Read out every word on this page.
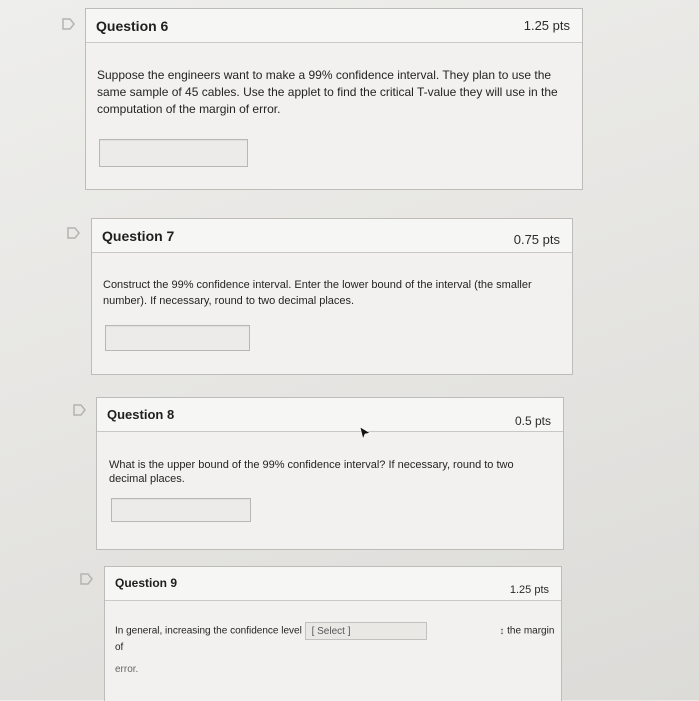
Question 6	1.25 pts
Suppose the engineers want to make a 99% confidence interval. They plan to use the same sample of 45 cables. Use the applet to find the critical T-value they will use in the computation of the margin of error.
Question 7	0.75 pts
Construct the 99% confidence interval. Enter the lower bound of the interval (the smaller number). If necessary, round to two decimal places.
Question 8	0.5 pts
What is the upper bound of the 99% confidence interval? If necessary, round to two decimal places.
Question 9	1.25 pts
In general, increasing the confidence level [ Select ]	↕ the margin of
error.
